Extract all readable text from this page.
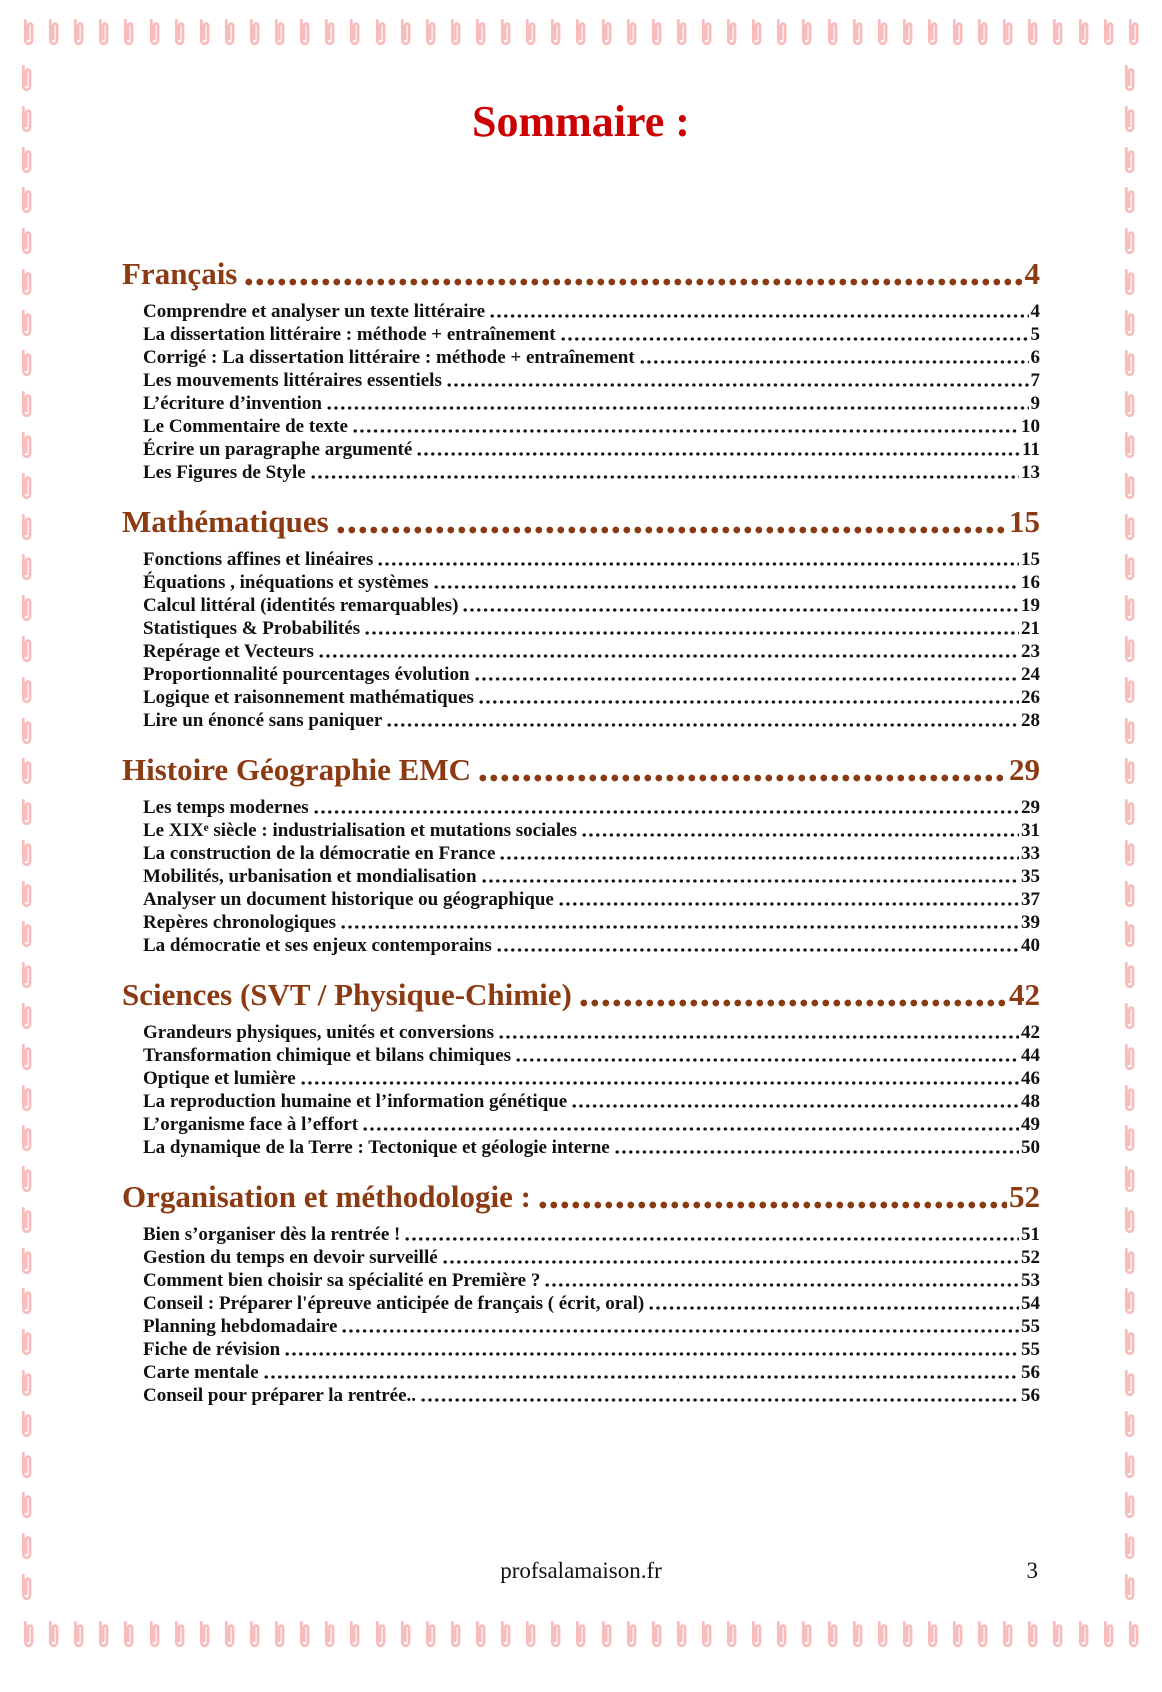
Sommaire :
Français	4
Comprendre et analyser un texte littéraire	4
La dissertation littéraire : méthode + entraînement	5
Corrigé : La dissertation littéraire : méthode + entraînement	6
Les mouvements littéraires essentiels	7
L’écriture d’invention	9
Le Commentaire de texte	10
Écrire un paragraphe argumenté	11
Les Figures de Style	13
Mathématiques	15
Fonctions affines et linéaires	15
Équations , inéquations et systèmes	16
Calcul littéral (identités remarquables)	19
Statistiques & Probabilités	21
Repérage et Vecteurs	23
Proportionnalité pourcentages évolution	24
Logique et raisonnement mathématiques	26
Lire un énoncé sans paniquer	28
Histoire Géographie EMC	29
Les temps modernes	29
Le XIXᵉ siècle : industrialisation et mutations sociales	31
La construction de la démocratie en France	33
Mobilités, urbanisation et mondialisation	35
Analyser un document historique ou géographique	37
Repères chronologiques	39
La démocratie et ses enjeux contemporains	40
Sciences (SVT / Physique-Chimie)	42
Grandeurs physiques, unités et conversions	42
Transformation chimique et bilans chimiques	44
Optique et lumière	46
La reproduction humaine et l’information génétique	48
L’organisme face à l’effort	49
La dynamique de la Terre : Tectonique et géologie interne	50
Organisation et méthodologie :	52
Bien s’organiser dès la rentrée !	51
Gestion du temps en devoir surveillé	52
Comment bien choisir sa spécialité en Première ?	53
Conseil : Préparer l'épreuve anticipée de français ( écrit, oral)	54
Planning hebdomadaire	55
Fiche de révision	55
Carte mentale	56
Conseil pour préparer la rentrée..	56
profsalamaison.fr	3
